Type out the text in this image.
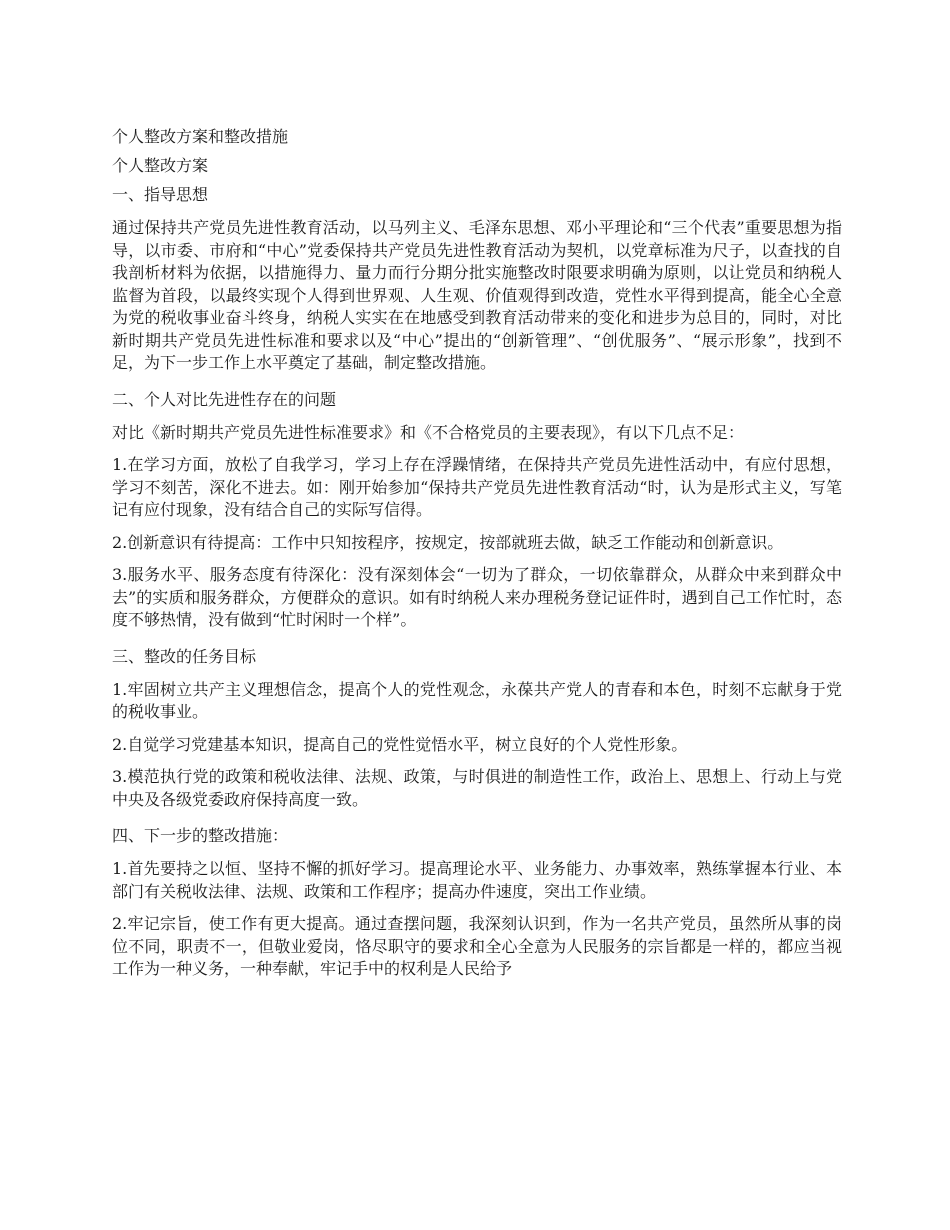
个人整改方案和整改措施

个人整改方案

一、指导思想

通过保持共产党员先进性教育活动，以马列主义、毛泽东思想、邓小平理论和“三个代表”重要思想为指导，以市委、市府和“中心”党委保持共产党员先进性教育活动为契机，以党章标准为尺子，以查找的自我剖析材料为依据，以措施得力、量力而行分期分批实施整改时限要求明确为原则，以让党员和纳税人监督为首段，以最终实现个人得到世界观、人生观、价值观得到改造，党性水平得到提高，能全心全意为党的税收事业奋斗终身，纳税人实实在在地感受到教育活动带来的变化和进步为总目的，同时，对比新时期共产党员先进性标准和要求以及“中心”提出的“创新管理”、“创优服务”、“展示形象”，找到不足，为下一步工作上水平奠定了基础，制定整改措施。

二、个人对比先进性存在的问题

对比《新时期共产党员先进性标准要求》和《不合格党员的主要表现》，有以下几点不足：

1.在学习方面，放松了自我学习，学习上存在浮躁情绪，在保持共产党员先进性活动中，有应付思想，学习不刻苦，深化不进去。如：刚开始参加“保持共产党员先进性教育活动“时，认为是形式主义，写笔记有应付现象，没有结合自己的实际写信得。

2.创新意识有待提高：工作中只知按程序，按规定，按部就班去做，缺乏工作能动和创新意识。

3.服务水平、服务态度有待深化：没有深刻体会“一切为了群众，一切依靠群众，从群众中来到群众中去”的实质和服务群众，方便群众的意识。如有时纳税人来办理税务登记证件时，遇到自己工作忙时，态度不够热情，没有做到“忙时闲时一个样”。

三、整改的任务目标

1.牢固树立共产主义理想信念，提高个人的党性观念，永葆共产党人的青春和本色，时刻不忘献身于党的税收事业。

2.自觉学习党建基本知识，提高自己的党性觉悟水平，树立良好的个人党性形象。

3.模范执行党的政策和税收法律、法规、政策，与时俱进的制造性工作，政治上、思想上、行动上与党中央及各级党委政府保持高度一致。

四、下一步的整改措施：

1.首先要持之以恒、坚持不懈的抓好学习。提高理论水平、业务能力、办事效率，熟练掌握本行业、本部门有关税收法律、法规、政策和工作程序；提高办件速度，突出工作业绩。

2.牢记宗旨，使工作有更大提高。通过查摆问题，我深刻认识到，作为一名共产党员，虽然所从事的岗位不同，职责不一，但敬业爱岗，恪尽职守的要求和全心全意为人民服务的宗旨都是一样的，都应当视工作为一种义务，一种奉献，牢记手中的权利是人民给予
